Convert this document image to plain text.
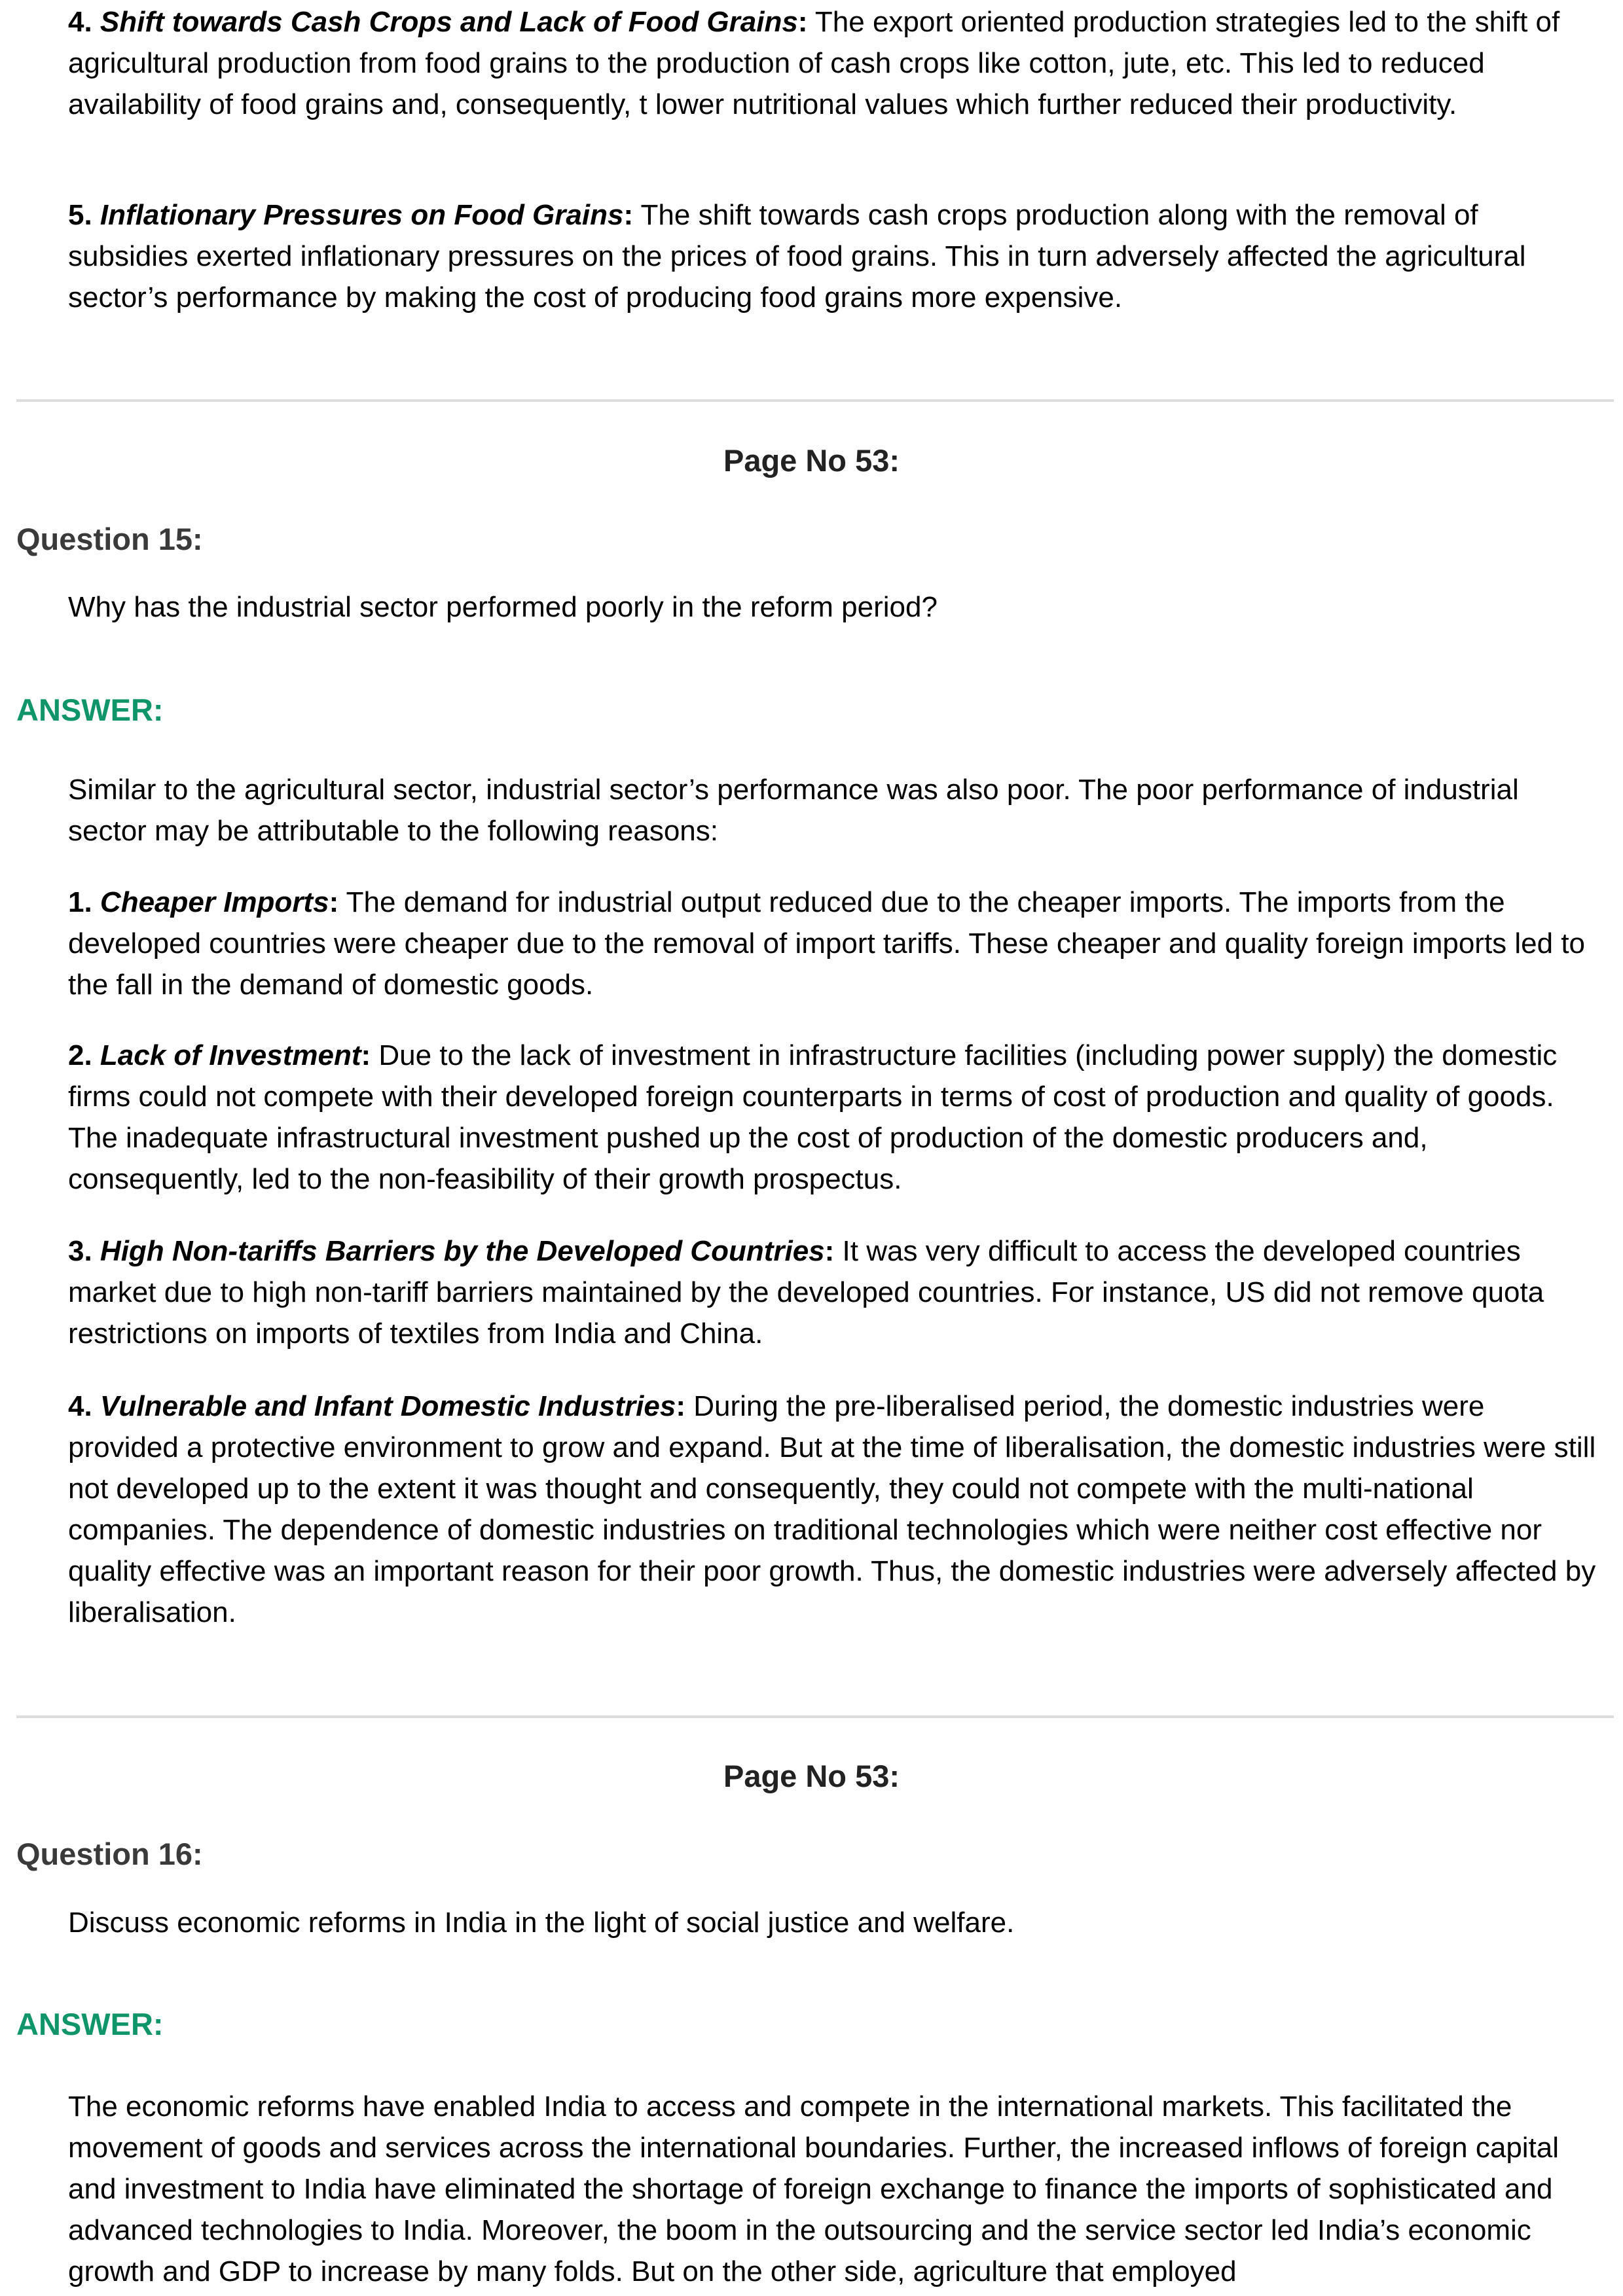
4. Shift towards Cash Crops and Lack of Food Grains: The export oriented production strategies led to the shift of agricultural production from food grains to the production of cash crops like cotton, jute, etc. This led to reduced availability of food grains and, consequently, t lower nutritional values which further reduced their productivity.

5. Inflationary Pressures on Food Grains: The shift towards cash crops production along with the removal of subsidies exerted inflationary pressures on the prices of food grains. This in turn adversely affected the agricultural sector’s performance by making the cost of producing food grains more expensive.

Page No 53:
Question 15:
Why has the industrial sector performed poorly in the reform period?
ANSWER:

Similar to the agricultural sector, industrial sector’s performance was also poor. The poor performance of industrial sector may be attributable to the following reasons:

1. Cheaper Imports: The demand for industrial output reduced due to the cheaper imports. The imports from the developed countries were cheaper due to the removal of import tariffs. These cheaper and quality foreign imports led to the fall in the demand of domestic goods.

2. Lack of Investment: Due to the lack of investment in infrastructure facilities (including power supply) the domestic firms could not compete with their developed foreign counterparts in terms of cost of production and quality of goods. The inadequate infrastructural investment pushed up the cost of production of the domestic producers and, consequently, led to the non-feasibility of their growth prospectus.

3. High Non-tariffs Barriers by the Developed Countries: It was very difficult to access the developed countries market due to high non-tariff barriers maintained by the developed countries. For instance, US did not remove quota restrictions on imports of textiles from India and China.

4. Vulnerable and Infant Domestic Industries: During the pre-liberalised period, the domestic industries were provided a protective environment to grow and expand. But at the time of liberalisation, the domestic industries were still not developed up to the extent it was thought and consequently, they could not compete with the multi-national companies. The dependence of domestic industries on traditional technologies which were neither cost effective nor quality effective was an important reason for their poor growth. Thus, the domestic industries were adversely affected by liberalisation.

Page No 53:
Question 16:
Discuss economic reforms in India in the light of social justice and welfare.
ANSWER:

The economic reforms have enabled India to access and compete in the international markets. This facilitated the movement of goods and services across the international boundaries. Further, the increased inflows of foreign capital and investment to India have eliminated the shortage of foreign exchange to finance the imports of sophisticated and advanced technologies to India. Moreover, the boom in the outsourcing and the service sector led India’s economic growth and GDP to increase by many folds. But on the other side, agriculture that employed
